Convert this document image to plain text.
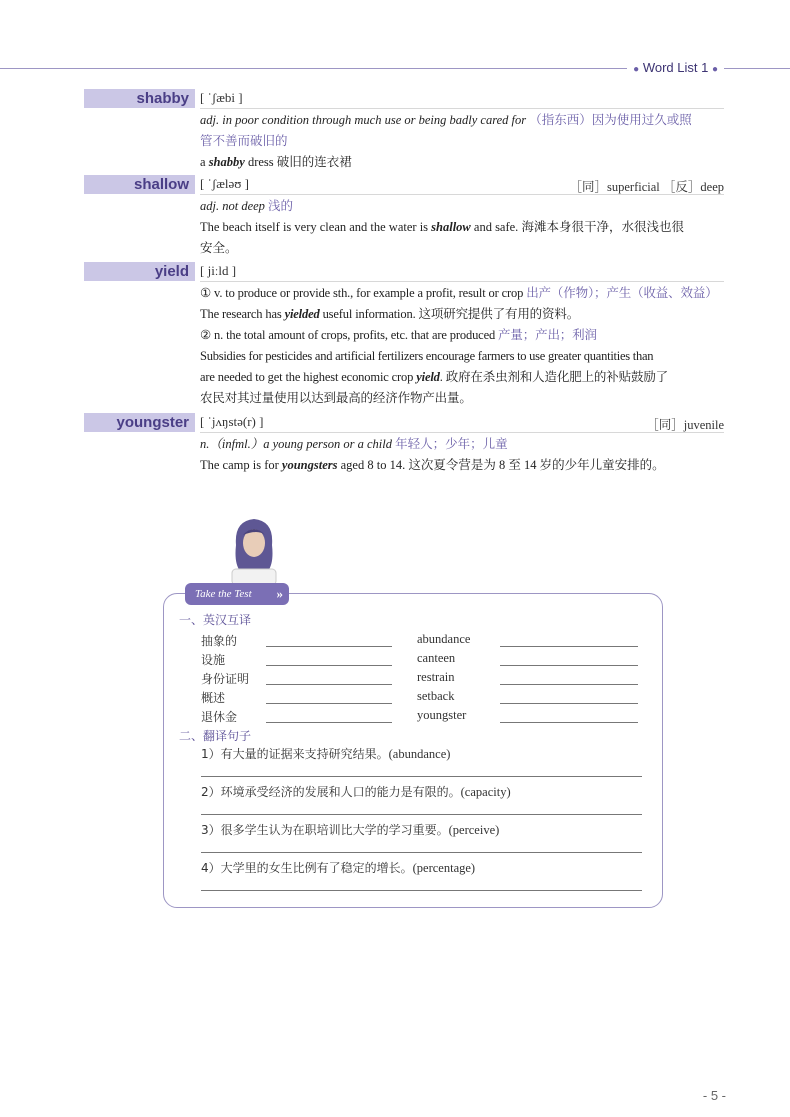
● Word List 1 ●
shabby [ ˈʃæbi ]
adj. in poor condition through much use or being badly cared for （指东西）因为使用过久或照
管不善而破旧的
a shabby dress 破旧的连衣裙
shallow [ ˈʃæləʊ ]	［同］superficial ［反］deep
adj. not deep 浅的
The beach itself is very clean and the water is shallow and safe. 海滩本身很干净，水很浅也很
安全。
yield [ jiːld ]
① v. to produce or provide sth., for example a profit, result or crop 出产（作物）；产生（收益、效益）
The research has yielded useful information. 这项研究提供了有用的资料。
② n. the total amount of crops, profits, etc. that are produced 产量；产出；利润
Subsidies for pesticides and artificial fertilizers encourage farmers to use greater quantities than
are needed to get the highest economic crop yield. 政府在杀虫剂和人造化肥上的补贴鼓励了
农民对其过量使用以达到最高的经济作物产出量。
youngster [ ˈjʌŋstə(r) ]	［同］juvenile
n.（infml.）a young person or a child 年轻人；少年；儿童
The camp is for youngsters aged 8 to 14. 这次夏令营是为 8 至 14 岁的少年儿童安排的。
Take the Test »
一、英汉互译
抽象的
设施
身份证明
概述
退休金
abundance
canteen
restrain
setback
youngster
二、翻译句子
1）有大量的证据来支持研究结果。(abundance)
2）环境承受经济的发展和人口的能力是有限的。(capacity)
3）很多学生认为在职培训比大学的学习重要。(perceive)
4）大学里的女生比例有了稳定的增长。(percentage)
- 5 -
